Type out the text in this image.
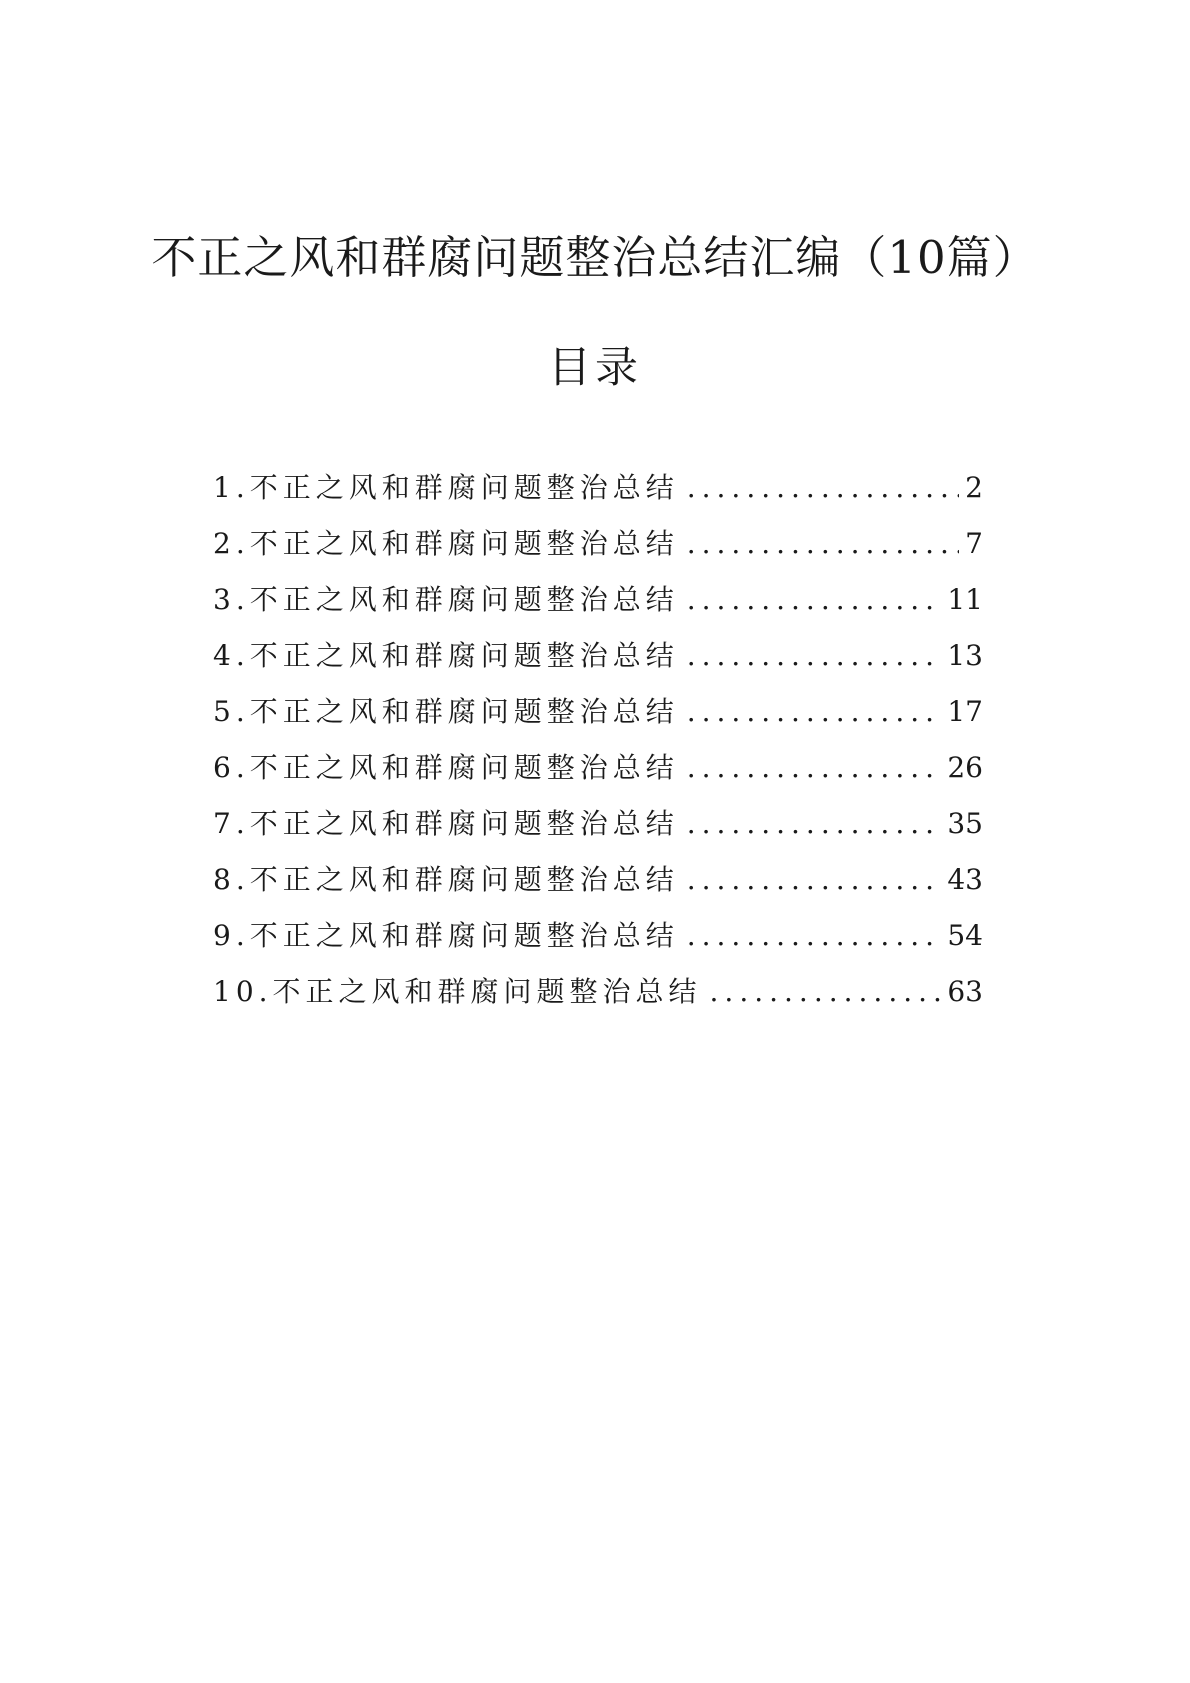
不正之风和群腐问题整治总结汇编（10篇）
目录
1.不正之风和群腐问题整治总结 .....	2
2.不正之风和群腐问题整治总结 .....	7
3.不正之风和群腐问题整治总结 .....	11
4.不正之风和群腐问题整治总结 .....	13
5.不正之风和群腐问题整治总结 .....	17
6.不正之风和群腐问题整治总结 .....	26
7.不正之风和群腐问题整治总结 .....	35
8.不正之风和群腐问题整治总结 .....	43
9.不正之风和群腐问题整治总结 .....	54
10.不正之风和群腐问题整治总结 .....	63
